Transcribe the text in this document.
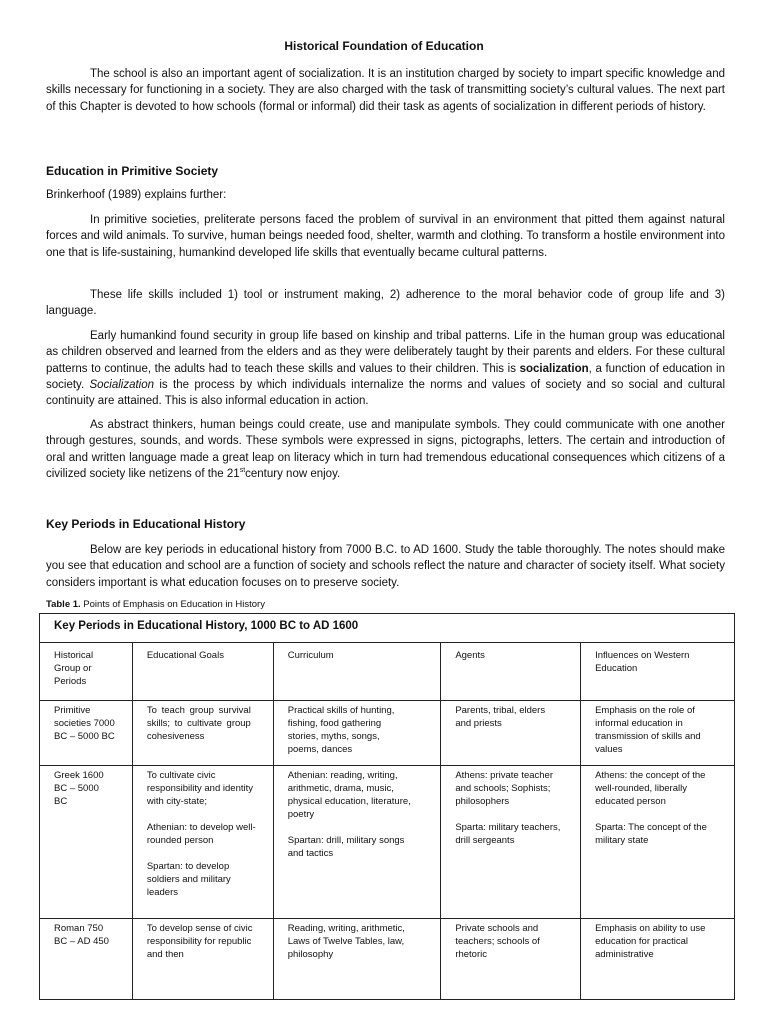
Historical Foundation of Education

The school is also an important agent of socialization. It is an institution charged by society to impart specific knowledge and skills necessary for functioning in a society. They are also charged with the task of transmitting society’s cultural values. The next part of this Chapter is devoted to how schools (formal or informal) did their task as agents of socialization in different periods of history.

Education in Primitive Society

Brinkerhoof (1989) explains further:

In primitive societies, preliterate persons faced the problem of survival in an environment that pitted them against natural forces and wild animals. To survive, human beings needed food, shelter, warmth and clothing. To transform a hostile environment into one that is life-sustaining, humankind developed life skills that eventually became cultural patterns.

These life skills included 1) tool or instrument making, 2) adherence to the moral behavior code of group life and 3) language.

Early humankind found security in group life based on kinship and tribal patterns. Life in the human group was educational as children observed and learned from the elders and as they were deliberately taught by their parents and elders. For these cultural patterns to continue, the adults had to teach these skills and values to their children. This is socialization, a function of education in society. Socialization is the process by which individuals internalize the norms and values of society and so social and cultural continuity are attained. This is also informal education in action.

As abstract thinkers, human beings could create, use and manipulate symbols. They could communicate with one another through gestures, sounds, and words. These symbols were expressed in signs, pictographs, letters. The certain and introduction of oral and written language made a great leap on literacy which in turn had tremendous educational consequences which citizens of a civilized society like netizens of the 21stcentury now enjoy.

Key Periods in Educational History

Below are key periods in educational history from 7000 B.C. to AD 1600. Study the table thoroughly. The notes should make you see that education and school are a function of society and schools reflect the nature and character of society itself. What society considers important is what education focuses on to preserve society.

Table 1. Points of Emphasis on Education in History
Key Periods in Educational History, 1000 BC to AD 1600				

Historical Group or Periods	Educational Goals	Curriculum	Agents	Influences on Western Education

Primitive societies 7000 BC – 5000 BC	To teach group survival skills; to cultivate group cohesiveness	Practical skills of hunting, fishing, food gathering stories, myths, songs, poems, dances	Parents, tribal, elders and priests	Emphasis on the role of informal education in transmission of skills and values

Greek 1600 BC – 5000 BC	To cultivate civic responsibility and identity with city-state;
Athenian: to develop well-rounded person
Spartan: to develop soldiers and military leaders	Athenian: reading, writing, arithmetic, drama, music, physical education, literature, poetry
Spartan: drill, military songs and tactics	Athens: private teacher and schools; Sophists; philosophers
Sparta: military teachers, drill sergeants	Athens: the concept of the well-rounded, liberally educated person
Sparta: The concept of the military state

Roman 750 BC – AD 450	To develop sense of civic responsibility for republic and then	Reading, writing, arithmetic, Laws of Twelve Tables, law, philosophy	Private schools and teachers; schools of rhetoric	Emphasis on ability to use education for practical administrative
